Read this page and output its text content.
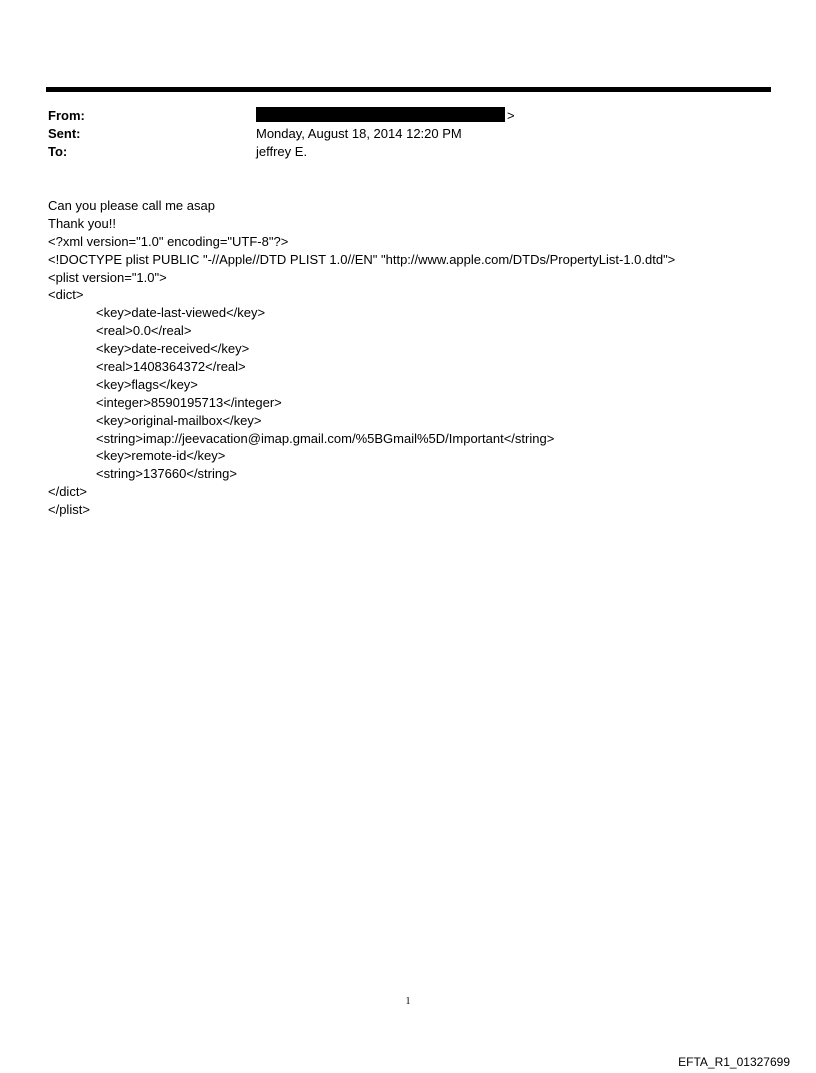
From:	>
Sent:	Monday, August 18, 2014 12:20 PM
To:	jeffrey E.
Can you please call me asap
Thank you!!
<?xml version="1.0" encoding="UTF-8"?>
<!DOCTYPE plist PUBLIC "-//Apple//DTD PLIST 1.0//EN" "http://www.apple.com/DTDs/PropertyList-1.0.dtd">
<plist version="1.0">
<dict>
<key>date-last-viewed</key>
<real>0.0</real>
<key>date-received</key>
<real>1408364372</real>
<key>flags</key>
<integer>8590195713</integer>
<key>original-mailbox</key>
<string>imap://jeevacation@imap.gmail.com/%5BGmail%5D/Important</string>
<key>remote-id</key>
<string>137660</string>
</dict>
</plist>
1
EFTA_R1_01327699
